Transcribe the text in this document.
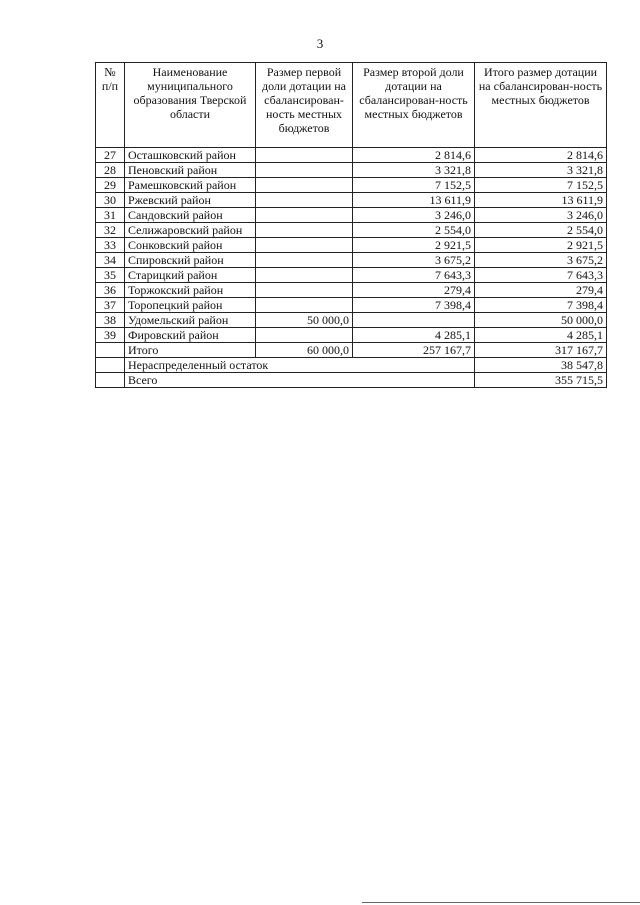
3
№ п/п	Наименование муниципального образования Тверской области	Размер первой доли дотации на сбалансирован-ность местных бюджетов	Размер второй доли дотации на сбалансирован-ность местных бюджетов	Итого размер дотации на сбалансирован-ность местных бюджетов
27	Осташковский район		2 814,6	2 814,6
28	Пеновский район		3 321,8	3 321,8
29	Рамешковский район		7 152,5	7 152,5
30	Ржевский район		13 611,9	13 611,9
31	Сандовский район		3 246,0	3 246,0
32	Селижаровский район		2 554,0	2 554,0
33	Сонковский район		2 921,5	2 921,5
34	Спировский район		3 675,2	3 675,2
35	Старицкий район		7 643,3	7 643,3
36	Торжокский район		279,4	279,4
37	Торопецкий район		7 398,4	7 398,4
38	Удомельский район	50 000,0		50 000,0
39	Фировский район		4 285,1	4 285,1
	Итого	60 000,0	257 167,7	317 167,7
	Нераспределенный остаток			38 547,8
	Всего			355 715,5
